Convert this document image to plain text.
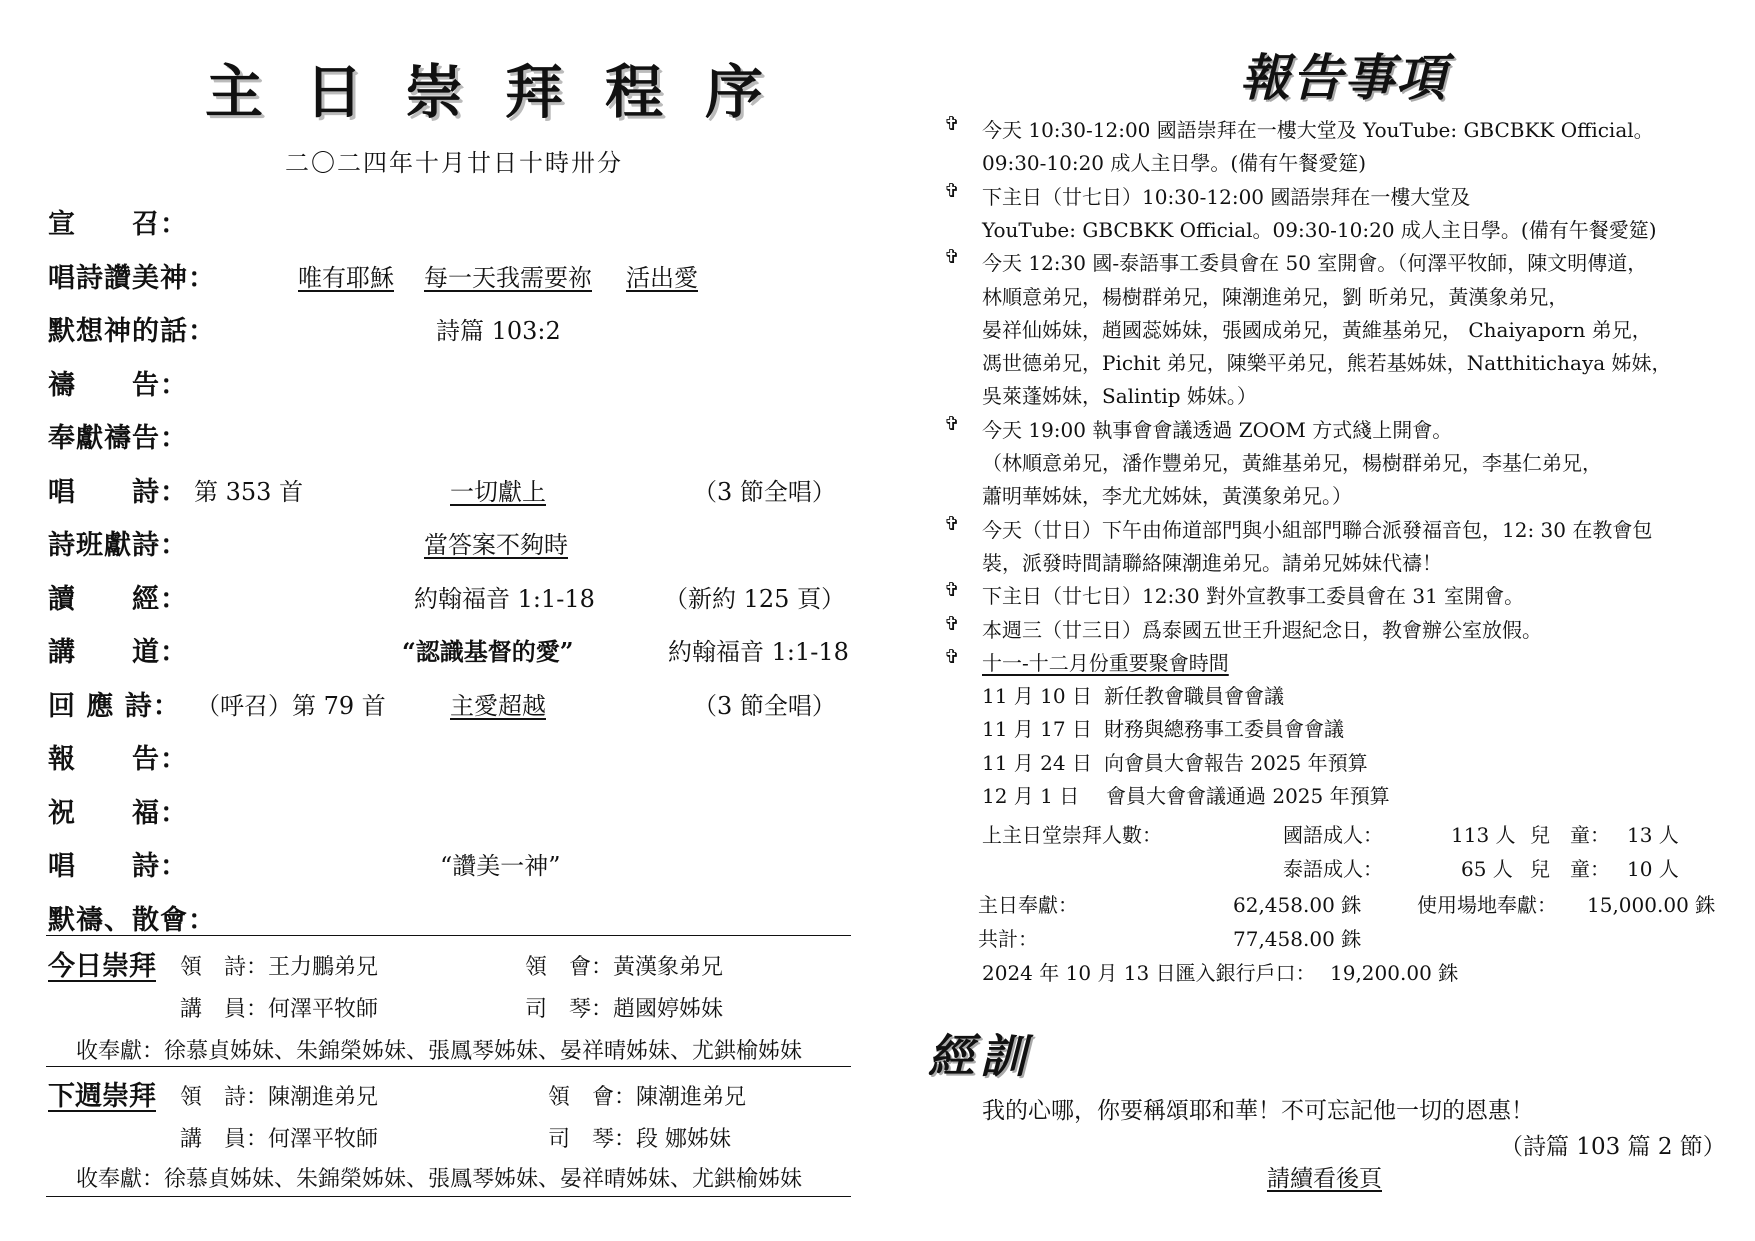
主日崇拜程序
二〇二四年十月廿日十時卅分
宣　　召：
唱詩讚美神：	唯有耶穌 每一天我需要祢 活出愛
默想神的話：	詩篇 103:2
禱　　告：
奉獻禱告：
唱　　詩： 第 353 首	一切獻上	（3 節全唱）
詩班獻詩：	當答案不夠時
讀　　經：	約翰福音 1:1-18	（新約 125 頁）
講　　道：	“認識基督的愛”	約翰福音 1:1-18
回 應 詩： （呼召）第 79 首	主愛超越	（3 節全唱）
報　　告：
祝　　福：
唱　　詩：	“讚美一神”
默禱、散會：
今日崇拜 領　詩：王力鵬弟兄	領　會：黃漢象弟兄
講　員：何澤平牧師	司　琴：趙國婷姊妹
收奉獻：徐慕貞姊妹、朱錦榮姊妹、張鳳琴姊妹、晏祥晴姊妹、尤鉷榆姊妹
下週崇拜 領　詩：陳潮進弟兄	領　會：陳潮進弟兄
講　員：何澤平牧師	司　琴：段 娜姊妹
收奉獻：徐慕貞姊妹、朱錦榮姊妹、張鳳琴姊妹、晏祥晴姊妹、尤鉷榆姊妹
報告事項
✞ 今天 10:30-12:00 國語崇拜在一樓大堂及 YouTube: GBCBKK Official。
09:30-10:20 成人主日學。(備有午餐愛筵)
✞ 下主日（廿七日）10:30-12:00 國語崇拜在一樓大堂及
YouTube: GBCBKK Official。09:30-10:20 成人主日學。(備有午餐愛筵)
✞ 今天 12:30 國-泰語事工委員會在 50 室開會。（何澤平牧師，陳文明傳道，
林順意弟兄，楊樹群弟兄，陳潮進弟兄，劉 昕弟兄，黃漢象弟兄，
晏祥仙姊妹，趙國蕊姊妹，張國成弟兄，黃維基弟兄， Chaiyaporn 弟兄，
馮世德弟兄，Pichit 弟兄，陳樂平弟兄，熊若基姊妹，Natthitichaya 姊妹，
吳萊蓬姊妹，Salintip 姊妹。）
✞ 今天 19:00 執事會會議透過 ZOOM 方式綫上開會。
（林順意弟兄，潘作豐弟兄，黃維基弟兄，楊樹群弟兄，李基仁弟兄，
蕭明華姊妹，李尤尤姊妹，黃漢象弟兄。）
✞ 今天（廿日）下午由佈道部門與小組部門聯合派發福音包，12: 30 在教會包
裝，派發時間請聯絡陳潮進弟兄。請弟兄姊妹代禱！
✞ 下主日（廿七日）12:30 對外宣教事工委員會在 31 室開會。
✞ 本週三（廿三日）爲泰國五世王升遐紀念日，教會辦公室放假。
✞ 十一-十二月份重要聚會時間
11 月 10 日 新任教會職員會會議
11 月 17 日 財務與總務事工委員會會議
11 月 24 日 向會員大會報告 2025 年預算
12 月 1 日 會員大會會議通過 2025 年預算
上主日堂崇拜人數：	國語成人：	113 人 兒　童： 13 人
泰語成人：	65 人 兒　童： 10 人
主日奉獻：	62,458.00 銖	使用場地奉獻： 15,000.00 銖
共計：	77,458.00 銖
2024 年 10 月 13 日匯入銀行戶口： 19,200.00 銖
經訓
我的心哪，你要稱頌耶和華！不可忘記他一切的恩惠！
（詩篇 103 篇 2 節）
請續看後頁
